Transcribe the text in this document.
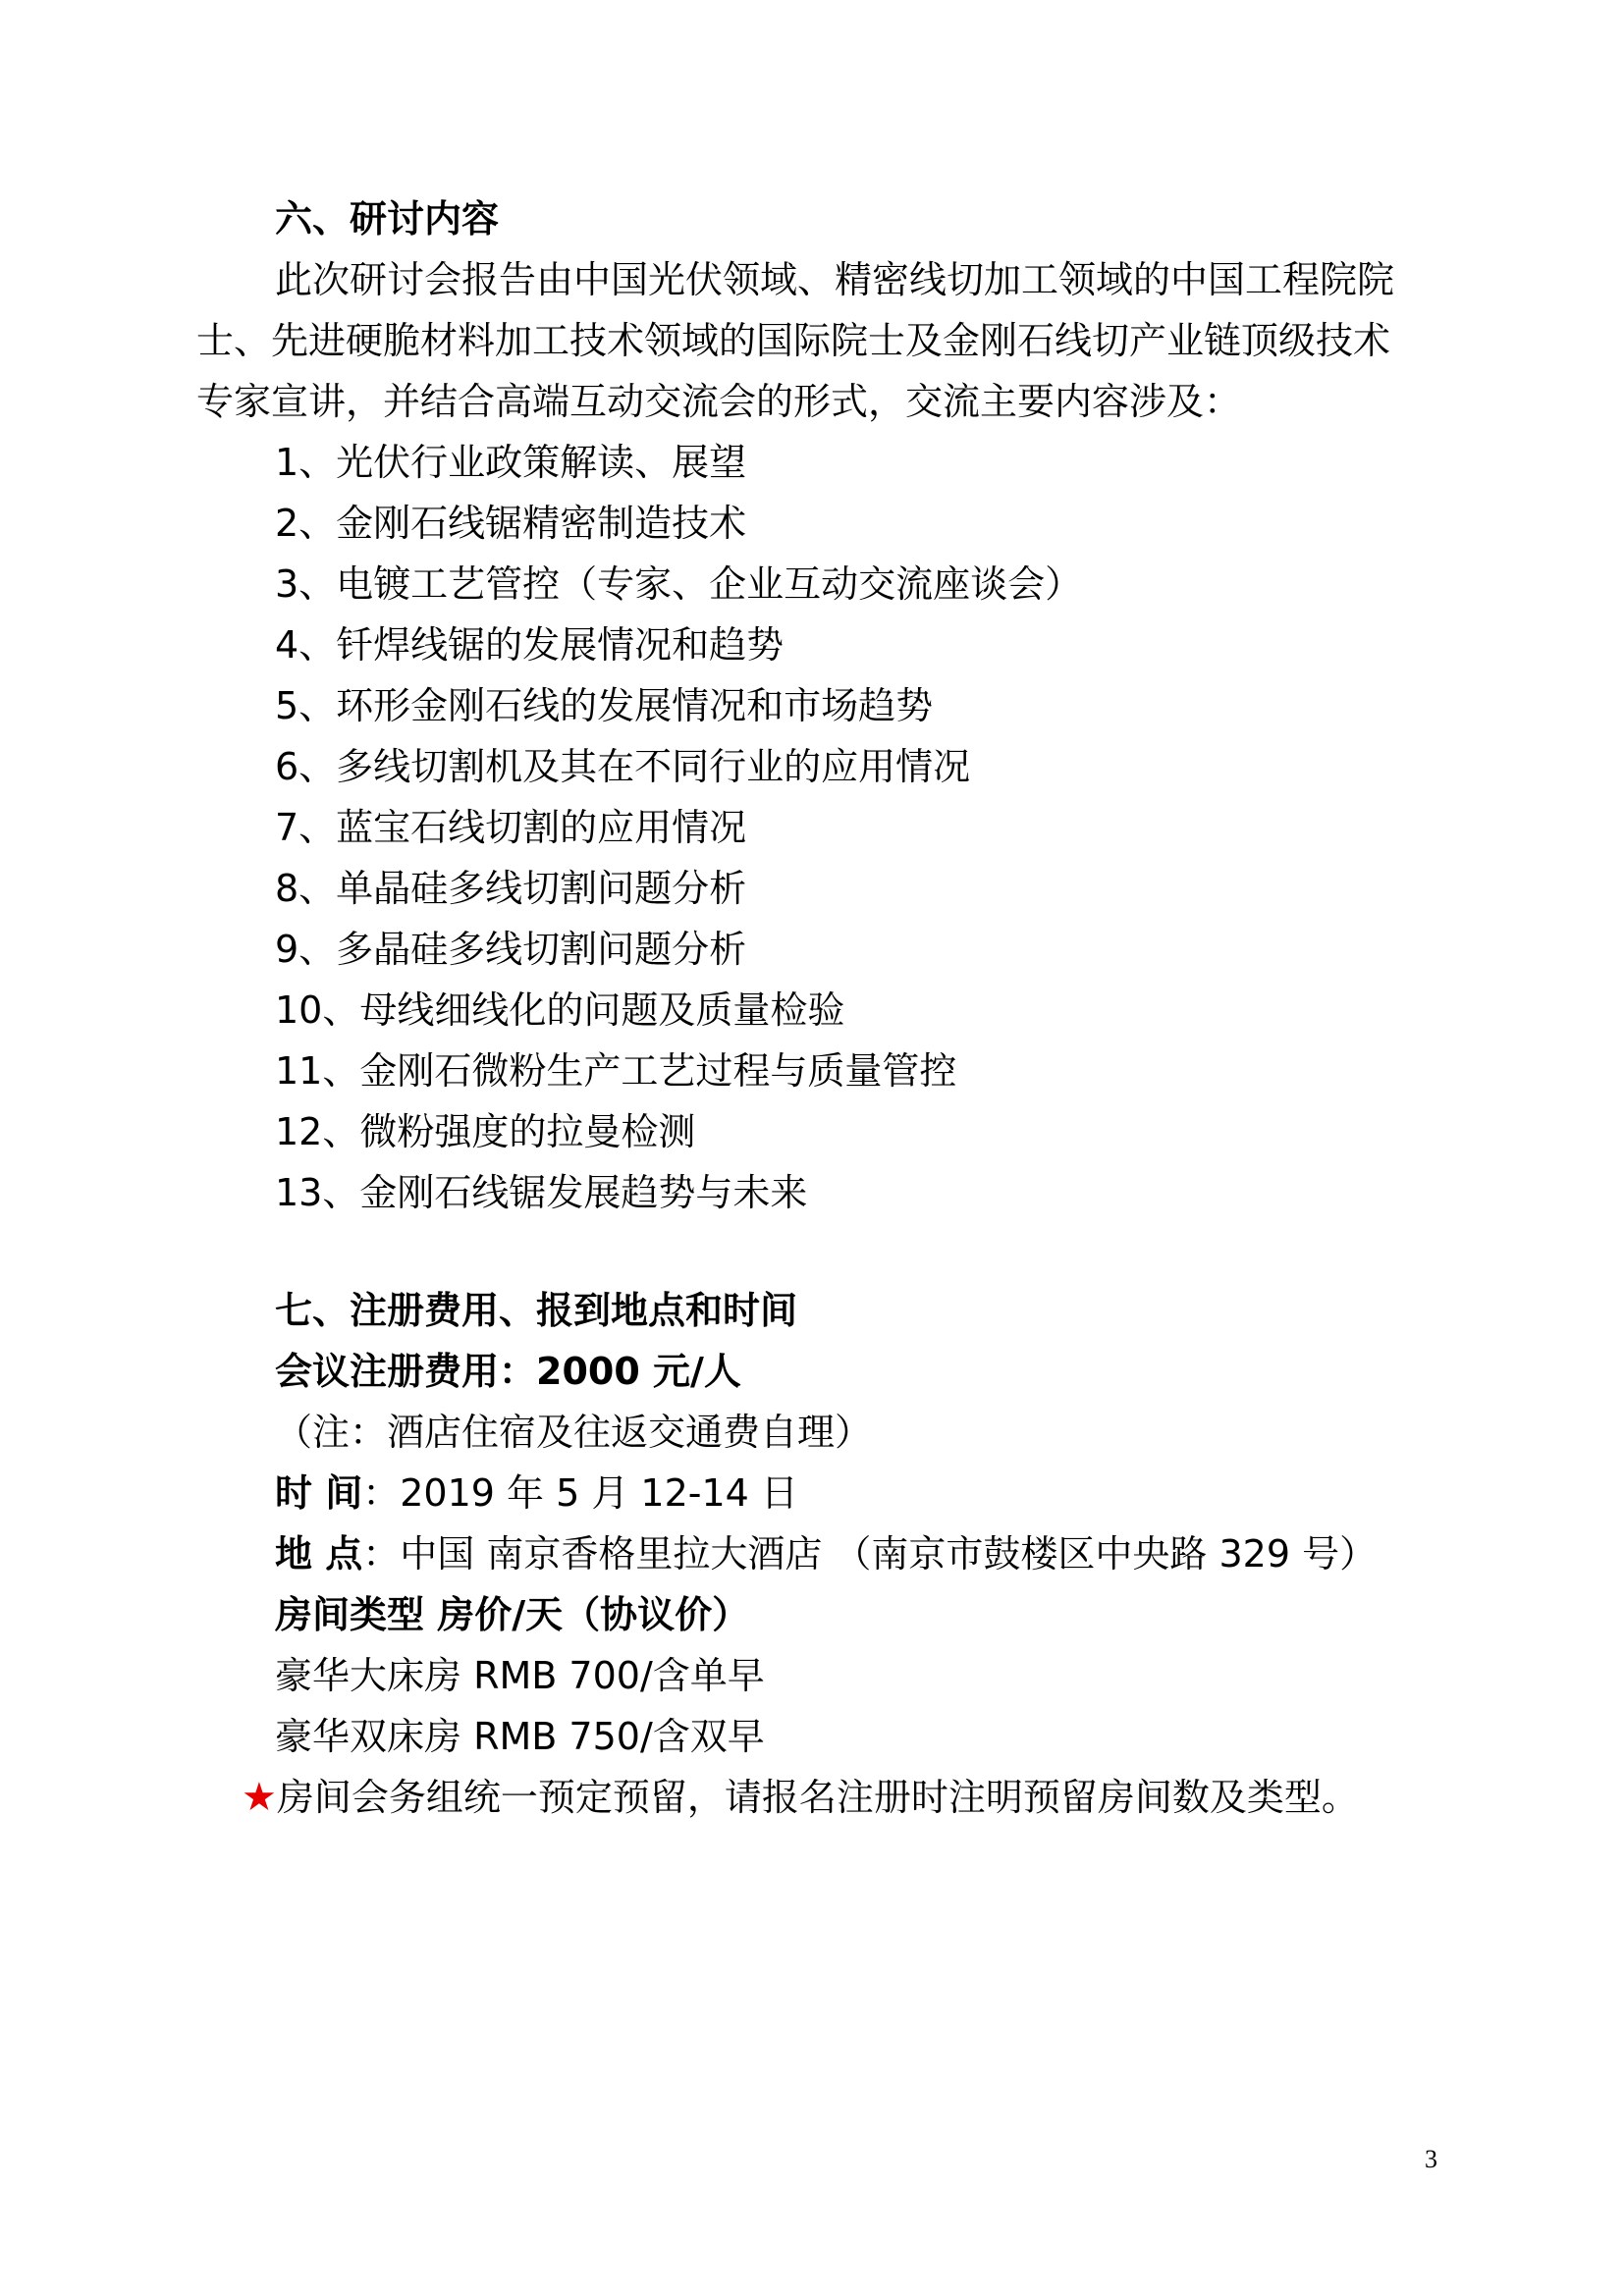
六、研讨内容
此次研讨会报告由中国光伏领域、精密线切加工领域的中国工程院院
士、先进硬脆材料加工技术领域的国际院士及金刚石线切产业链顶级技术
专家宣讲，并结合高端互动交流会的形式，交流主要内容涉及：
1、光伏行业政策解读、展望
2、金刚石线锯精密制造技术
3、电镀工艺管控（专家、企业互动交流座谈会）
4、钎焊线锯的发展情况和趋势
5、环形金刚石线的发展情况和市场趋势
6、多线切割机及其在不同行业的应用情况
7、蓝宝石线切割的应用情况
8、单晶硅多线切割问题分析
9、多晶硅多线切割问题分析
10、母线细线化的问题及质量检验
11、金刚石微粉生产工艺过程与质量管控
12、微粉强度的拉曼检测
13、金刚石线锯发展趋势与未来
七、注册费用、报到地点和时间
会议注册费用：2000 元/人
（注：酒店住宿及往返交通费自理）
时 间：2019 年 5 月 12-14 日
地 点：中国 南京香格里拉大酒店 （南京市鼓楼区中央路 329 号）
房间类型 房价/天（协议价）
豪华大床房 RMB 700/含单早
豪华双床房 RMB 750/含双早
★房间会务组统一预定预留，请报名注册时注明预留房间数及类型。
3
